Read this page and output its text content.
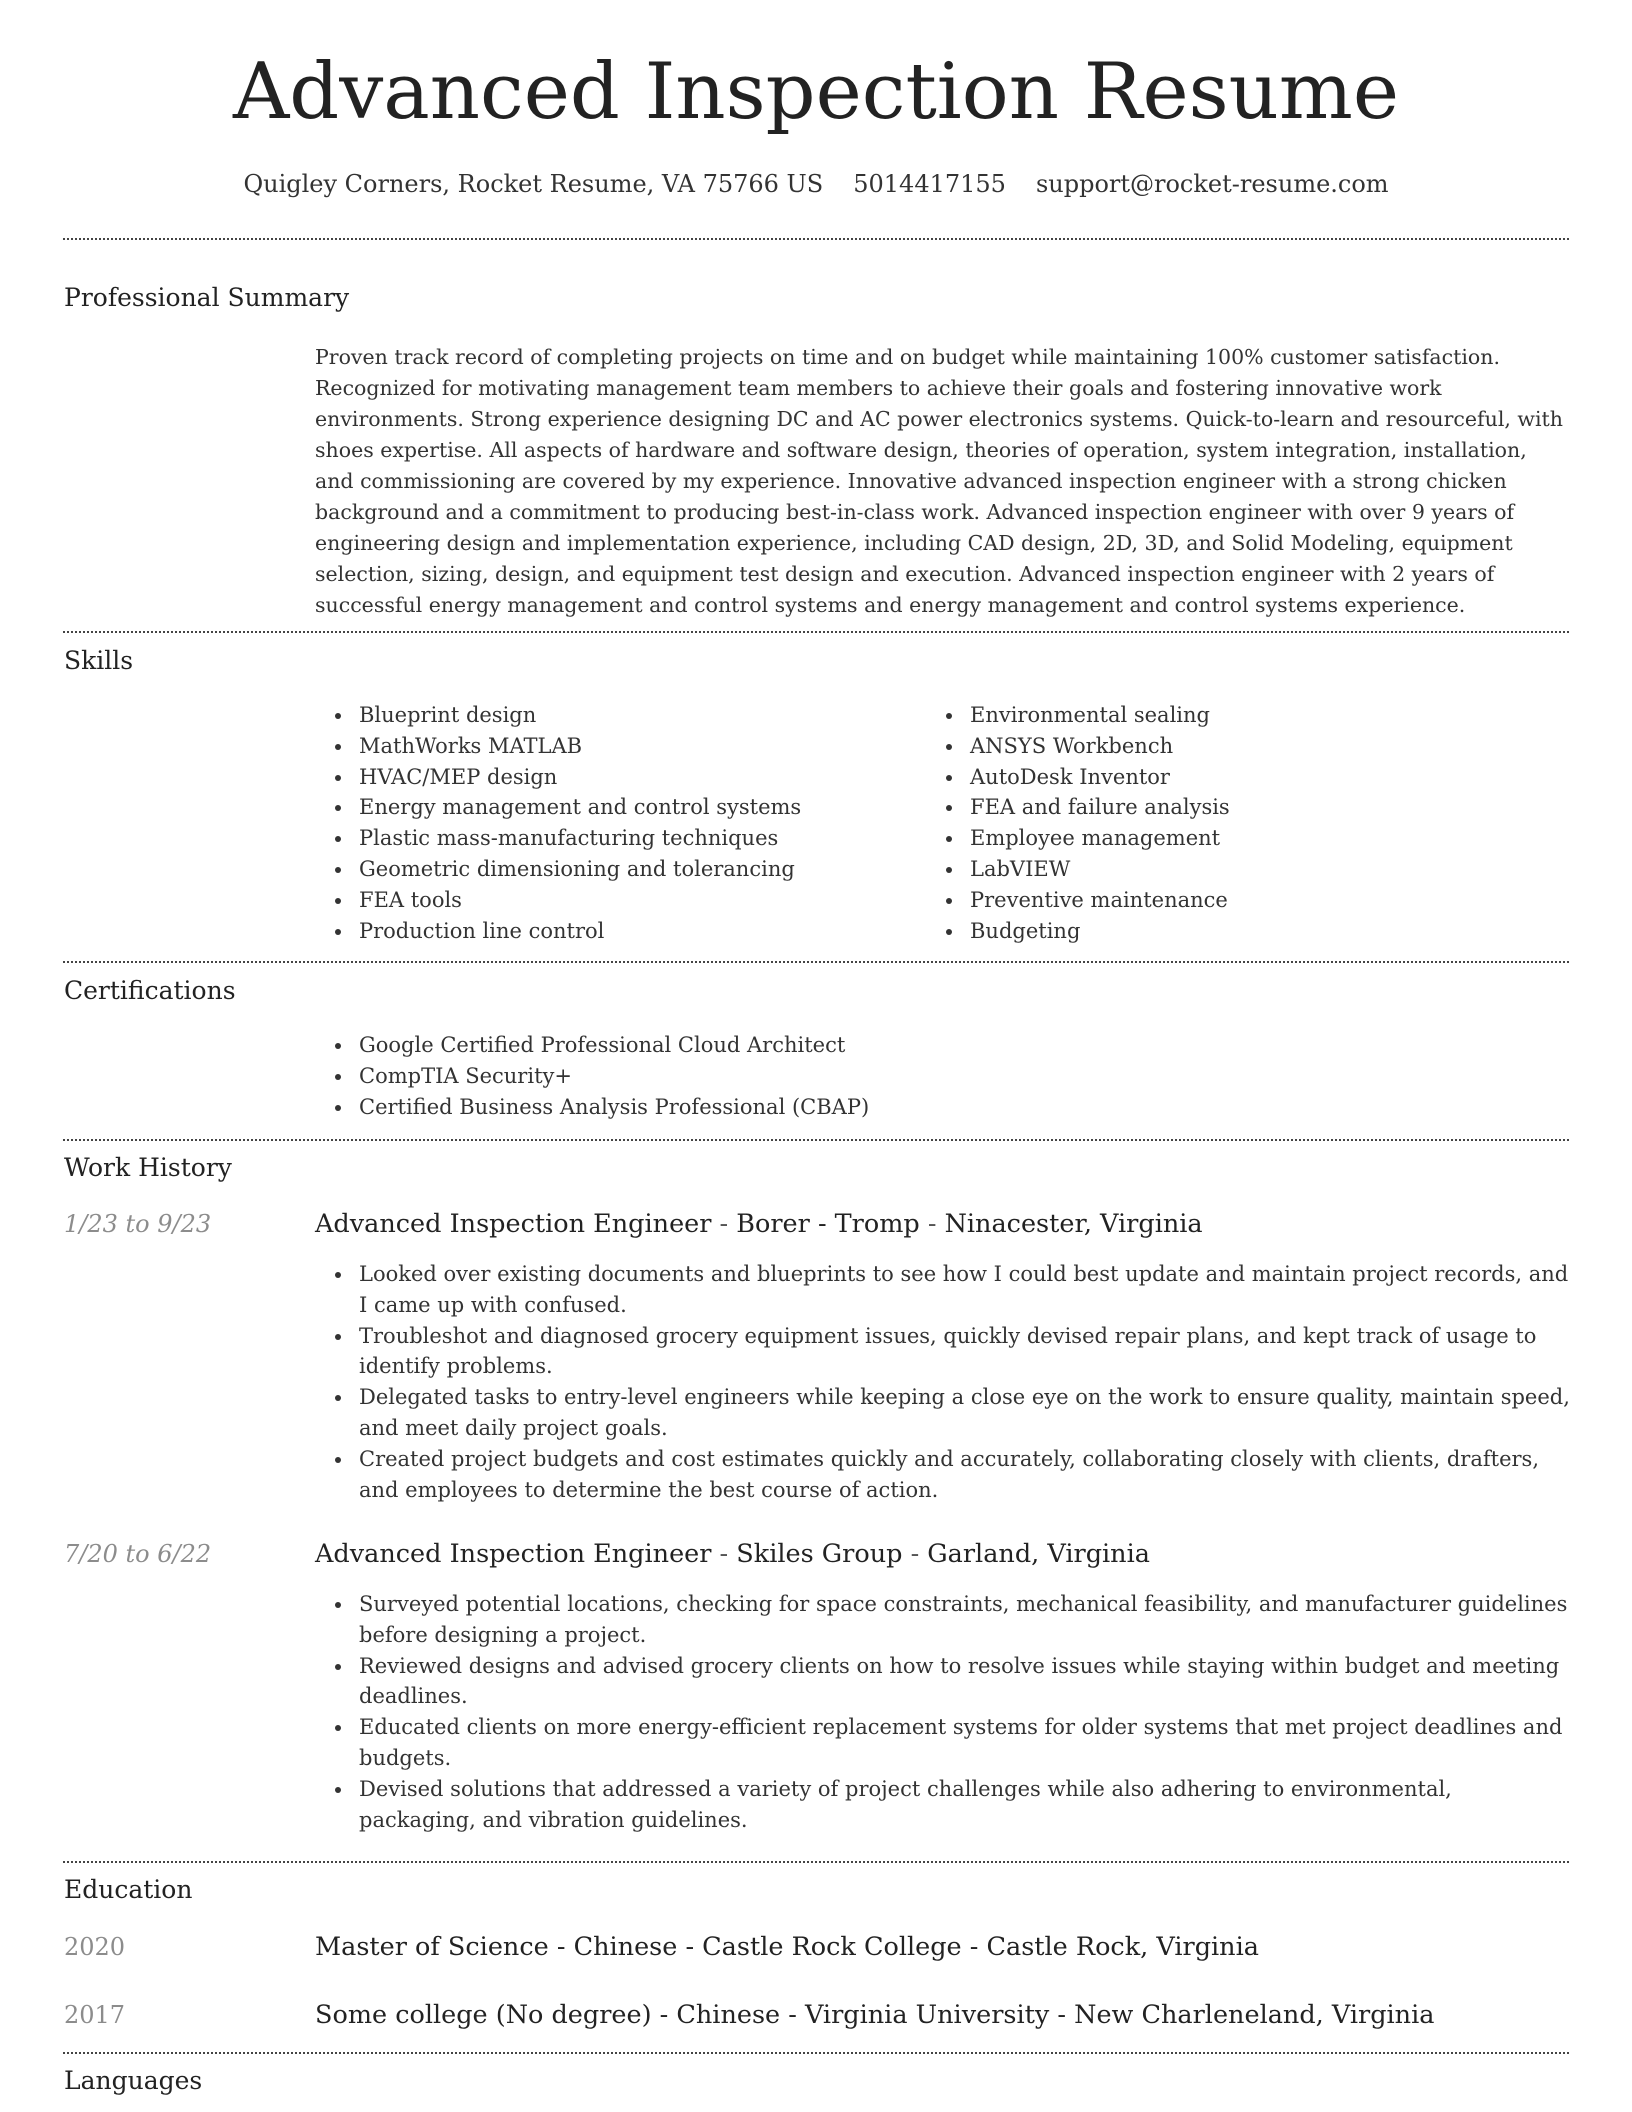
Advanced Inspection Resume
Quigley Corners, Rocket Resume, VA 75766 US 5014417155 support@rocket-resume.com
Professional Summary

Proven track record of completing projects on time and on budget while maintaining 100% customer satisfaction. Recognized for motivating management team members to achieve their goals and fostering innovative work environments. Strong experience designing DC and AC power electronics systems. Quick-to-learn and resourceful, with shoes expertise. All aspects of hardware and software design, theories of operation, system integration, installation, and commissioning are covered by my experience. Innovative advanced inspection engineer with a strong chicken background and a commitment to producing best-in-class work. Advanced inspection engineer with over 9 years of engineering design and implementation experience, including CAD design, 2D, 3D, and Solid Modeling, equipment selection, sizing, design, and equipment test design and execution. Advanced inspection engineer with 2 years of successful energy management and control systems and energy management and control systems experience.

Skills
Blueprint design
MathWorks MATLAB
HVAC/MEP design
Energy management and control systems
Plastic mass-manufacturing techniques
Geometric dimensioning and tolerancing
FEA tools
Production line control
Environmental sealing
ANSYS Workbench
AutoDesk Inventor
FEA and failure analysis
Employee management
LabVIEW
Preventive maintenance
Budgeting
Certifications
Google Certified Professional Cloud Architect
CompTIA Security+
Certified Business Analysis Professional (CBAP)
Work History
1/23 to 9/23	Advanced Inspection Engineer - Borer - Tromp - Ninacester, Virginia
Looked over existing documents and blueprints to see how I could best update and maintain project records, and I came up with confused.
Troubleshot and diagnosed grocery equipment issues, quickly devised repair plans, and kept track of usage to identify problems.
Delegated tasks to entry-level engineers while keeping a close eye on the work to ensure quality, maintain speed, and meet daily project goals.
Created project budgets and cost estimates quickly and accurately, collaborating closely with clients, drafters, and employees to determine the best course of action.
7/20 to 6/22	Advanced Inspection Engineer - Skiles Group - Garland, Virginia
Surveyed potential locations, checking for space constraints, mechanical feasibility, and manufacturer guidelines before designing a project.
Reviewed designs and advised grocery clients on how to resolve issues while staying within budget and meeting deadlines.
Educated clients on more energy-efficient replacement systems for older systems that met project deadlines and budgets.
Devised solutions that addressed a variety of project challenges while also adhering to environmental, packaging, and vibration guidelines.
Education
2020	Master of Science - Chinese - Castle Rock College - Castle Rock, Virginia
2017	Some college (No degree) - Chinese - Virginia University - New Charleneland, Virginia
Languages
